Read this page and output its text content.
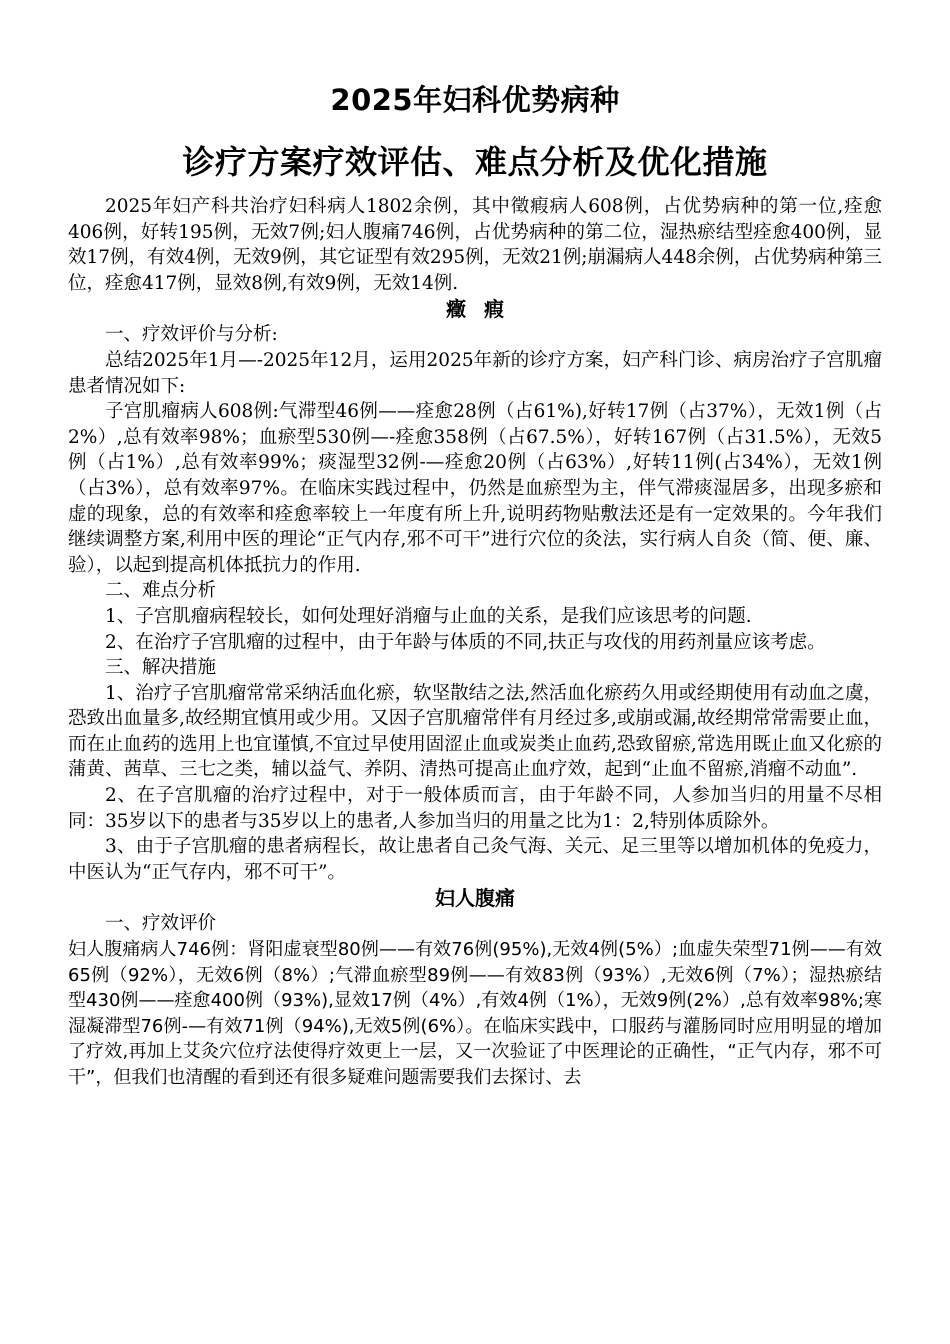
2025年妇科优势病种
诊疗方案疗效评估、难点分析及优化措施

2025年妇产科共治疗妇科病人1802余例，其中徵瘕病人608例，占优势病种的第一位,痊愈406例，好转195例，无效7例;妇人腹痛746例，占优势病种的第二位，湿热瘀结型痊愈400例，显效17例，有效4例，无效9例，其它证型有效295例，无效21例;崩漏病人448余例，占优势病种第三位，痊愈417例，显效8例,有效9例，无效14例.

癥瘕

一、疗效评价与分析:

总结2025年1月—-2025年12月，运用2025年新的诊疗方案，妇产科门诊、病房治疗子宫肌瘤患者情况如下:

子宫肌瘤病人608例:气滞型46例——痊愈28例（占61%),好转17例（占37%），无效1例（占2%）,总有效率98%；血瘀型530例—-痊愈358例（占67.5%），好转167例（占31.5%），无效5例（占1%）,总有效率99%；痰湿型32例-—痊愈20例（占63%）,好转11例(占34%），无效1例（占3%），总有效率97%。在临床实践过程中，仍然是血瘀型为主，伴气滞痰湿居多，出现多瘀和虚的现象，总的有效率和痊愈率较上一年度有所上升,说明药物贴敷法还是有一定效果的。今年我们继续调整方案,利用中医的理论“正气内存,邪不可干”进行穴位的灸法，实行病人自灸（简、便、廉、验），以起到提高机体抵抗力的作用.

二、难点分析

1、子宫肌瘤病程较长，如何处理好消瘤与止血的关系，是我们应该思考的问题.

2、在治疗子宫肌瘤的过程中，由于年龄与体质的不同,扶正与攻伐的用药剂量应该考虑。

三、解决措施

1、治疗子宫肌瘤常常采纳活血化瘀，软坚散结之法,然活血化瘀药久用或经期使用有动血之虞，恐致出血量多,故经期宜慎用或少用。又因子宫肌瘤常伴有月经过多,或崩或漏,故经期常常需要止血，而在止血药的选用上也宜谨慎,不宜过早使用固涩止血或炭类止血药,恐致留瘀,常选用既止血又化瘀的蒲黄、茜草、三七之类，辅以益气、养阴、清热可提高止血疗效，起到“止血不留瘀,消瘤不动血”.

2、在子宫肌瘤的治疗过程中，对于一般体质而言，由于年龄不同，人参加当归的用量不尽相同：35岁以下的患者与35岁以上的患者,人参加当归的用量之比为1：2,特别体质除外。

3、由于子宫肌瘤的患者病程长，故让患者自己灸气海、关元、足三里等以增加机体的免疫力，中医认为“正气存内，邪不可干”。

妇人腹痛

一、疗效评价

妇人腹痛病人746例：肾阳虚衰型80例——有效76例(95%),无效4例(5%）;血虚失荣型71例——有效65例（92%），无效6例（8%）;气滞血瘀型89例——有效83例（93%）,无效6例（7%）；湿热瘀结型430例——痊愈400例（93%),显效17例（4%）,有效4例（1%），无效9例(2%）,总有效率98%;寒湿凝滞型76例-—有效71例（94%),无效5例(6%）。在临床实践中，口服药与灌肠同时应用明显的增加了疗效,再加上艾灸穴位疗法使得疗效更上一层，又一次验证了中医理论的正确性，“正气内存，邪不可干”，但我们也清醒的看到还有很多疑难问题需要我们去探讨、去
